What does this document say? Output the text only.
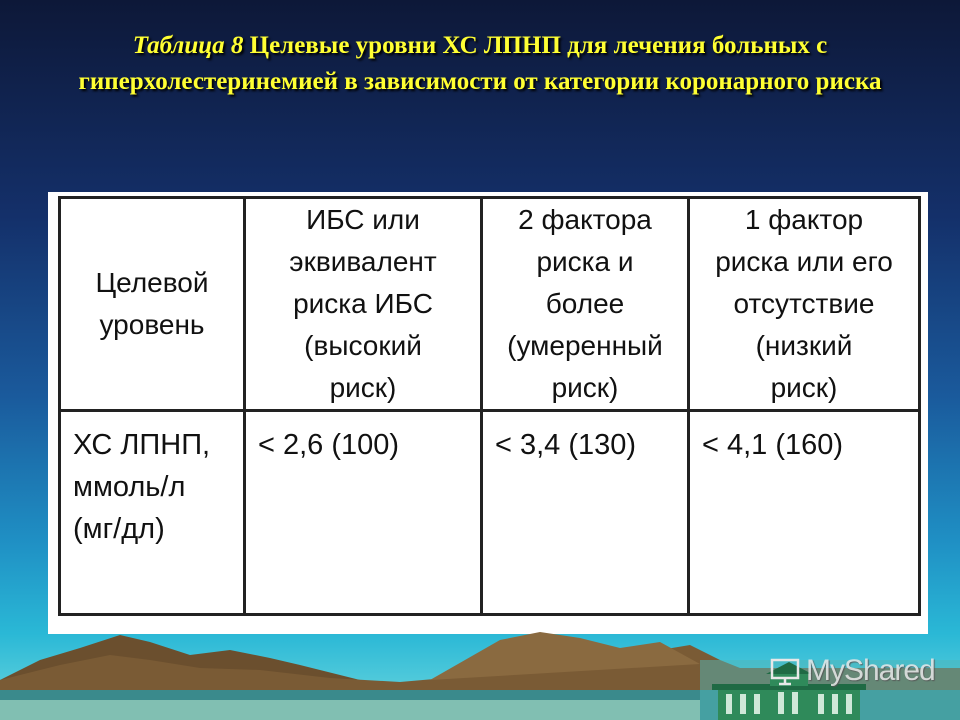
Таблица 8 Целевые уровни ХС ЛПНП для лечения больных с гиперхолестеринемией в зависимости от категории коронарного риска
Целевой
уровень	ИБС или
эквивалент
риска ИБС
(высокий
риск)	2 фактора
риска и
более
(умеренный
риск)	1 фактор
риска или его
отсутствие
(низкий
риск)

ХС ЛПНП,
ммоль/л
(мг/дл)	< 2,6 (100)	< 3,4 (130)	< 4,1 (160)
MyShared
